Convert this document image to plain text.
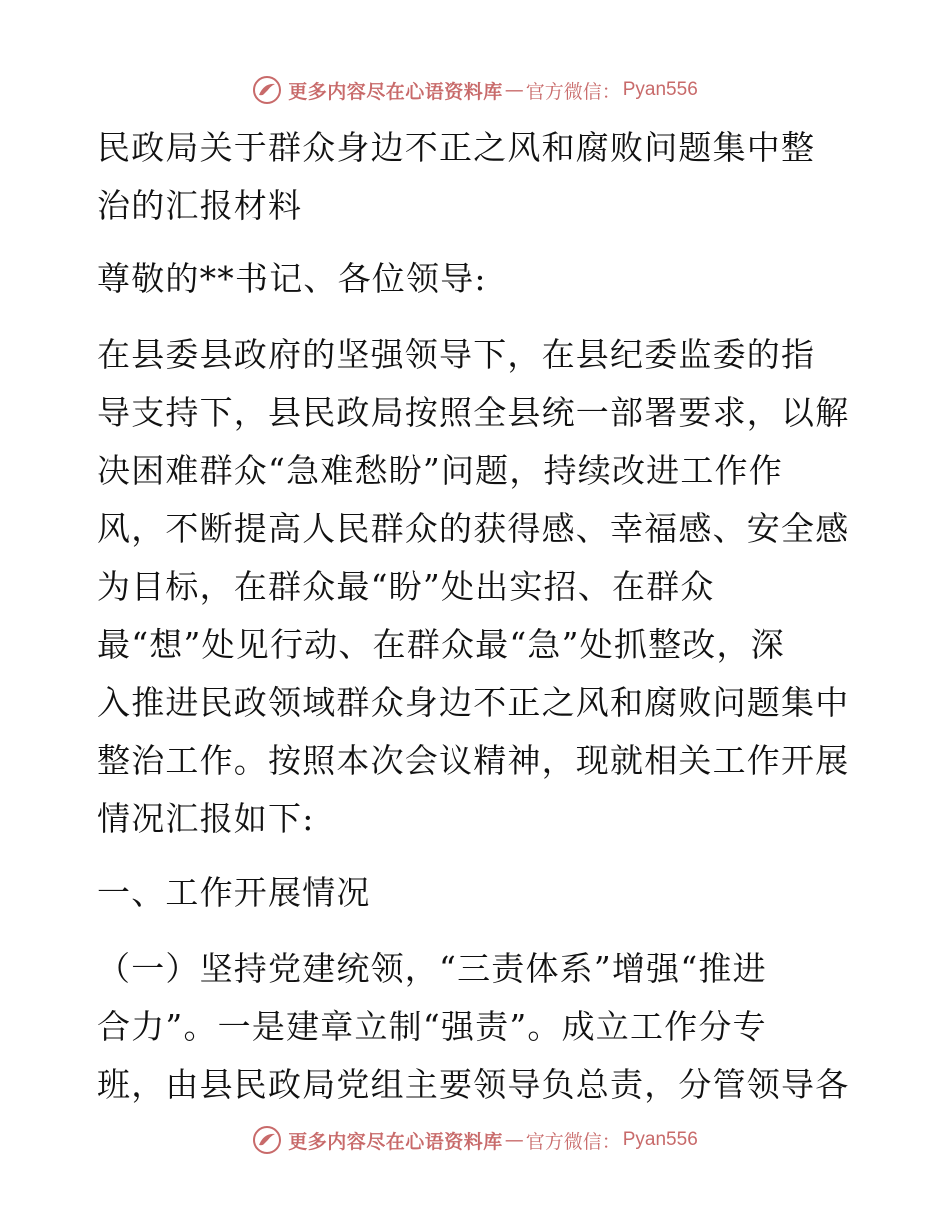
更多内容尽在心语资料库 — 官方微信： Pyan556
民政局关于群众身边不正之风和腐败问题集中整
治的汇报材料
尊敬的**书记、各位领导:
在县委县政府的坚强领导下，在县纪委监委的指
导支持下，县民政局按照全县统一部署要求，以解
决困难群众“急难愁盼”问题，持续改进工作作
风，不断提高人民群众的获得感、幸福感、安全感
为目标，在群众最“盼”处出实招、在群众
最“想”处见行动、在群众最“急”处抓整改，深
入推进民政领域群众身边不正之风和腐败问题集中
整治工作。按照本次会议精神，现就相关工作开展
情况汇报如下:
一、工作开展情况
（一）坚持党建统领，“三责体系”增强“推进
合力”。一是建章立制“强责”。成立工作分专
班，由县民政局党组主要领导负总责，分管领导各
更多内容尽在心语资料库 — 官方微信： Pyan556
